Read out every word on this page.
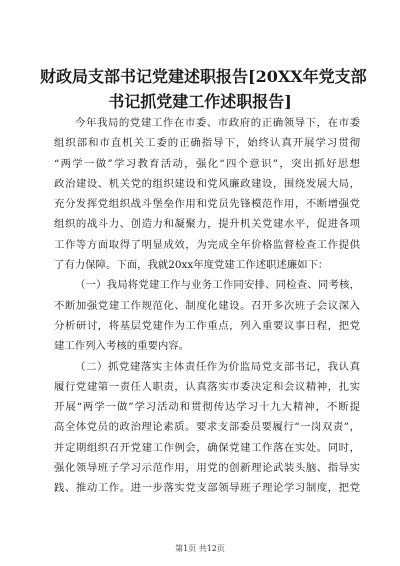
财政局支部书记党建述职报告[20XX年党支部
书记抓党建工作述职报告]
今年我局的党建工作在市委、市政府的正确领导下，在市委
组织部和市直机关工委的正确指导下，始终认真开展学习贯彻
“两学一做”学习教育活动，强化“四个意识”，突出抓好思想
政治建设、机关党的组织建设和党风廉政建设，围绕发展大局，
充分发挥党组织战斗堡垒作用和党员先锋模范作用，不断增强党
组织的战斗力、创造力和凝聚力，提升机关党建水平，促进各项
工作等方面取得了明显成效，为完成全年价格监督检查工作提供
了有力保障。下面，我就20xx年度党建工作述职述廉如下：
（一）我局将党建工作与业务工作同安排、同检查、同考核，
不断加强党建工作规范化、制度化建设。召开多次班子会议深入
分析研讨，将基层党建作为工作重点，列入重要议事日程，把党
建工作列入考核的重要内容。
（二）抓党建落实主体责任作为价监局党支部书记，我认真
履行党建第一责任人职责，认真落实市委决定和会议精神，扎实
开展“两学一做”学习活动和贯彻传达学习十九大精神，不断提
高全体党员的政治理论素质。要求支部委员要履行“一岗双责”，
并定期组织召开党建工作例会，确保党建工作落在实处。同时，
强化领导班子学习示范作用，用党的创新理论武装头脑、指导实
践、推动工作。进一步落实党支部领导班子理论学习制度，把党
第1页 共12页
